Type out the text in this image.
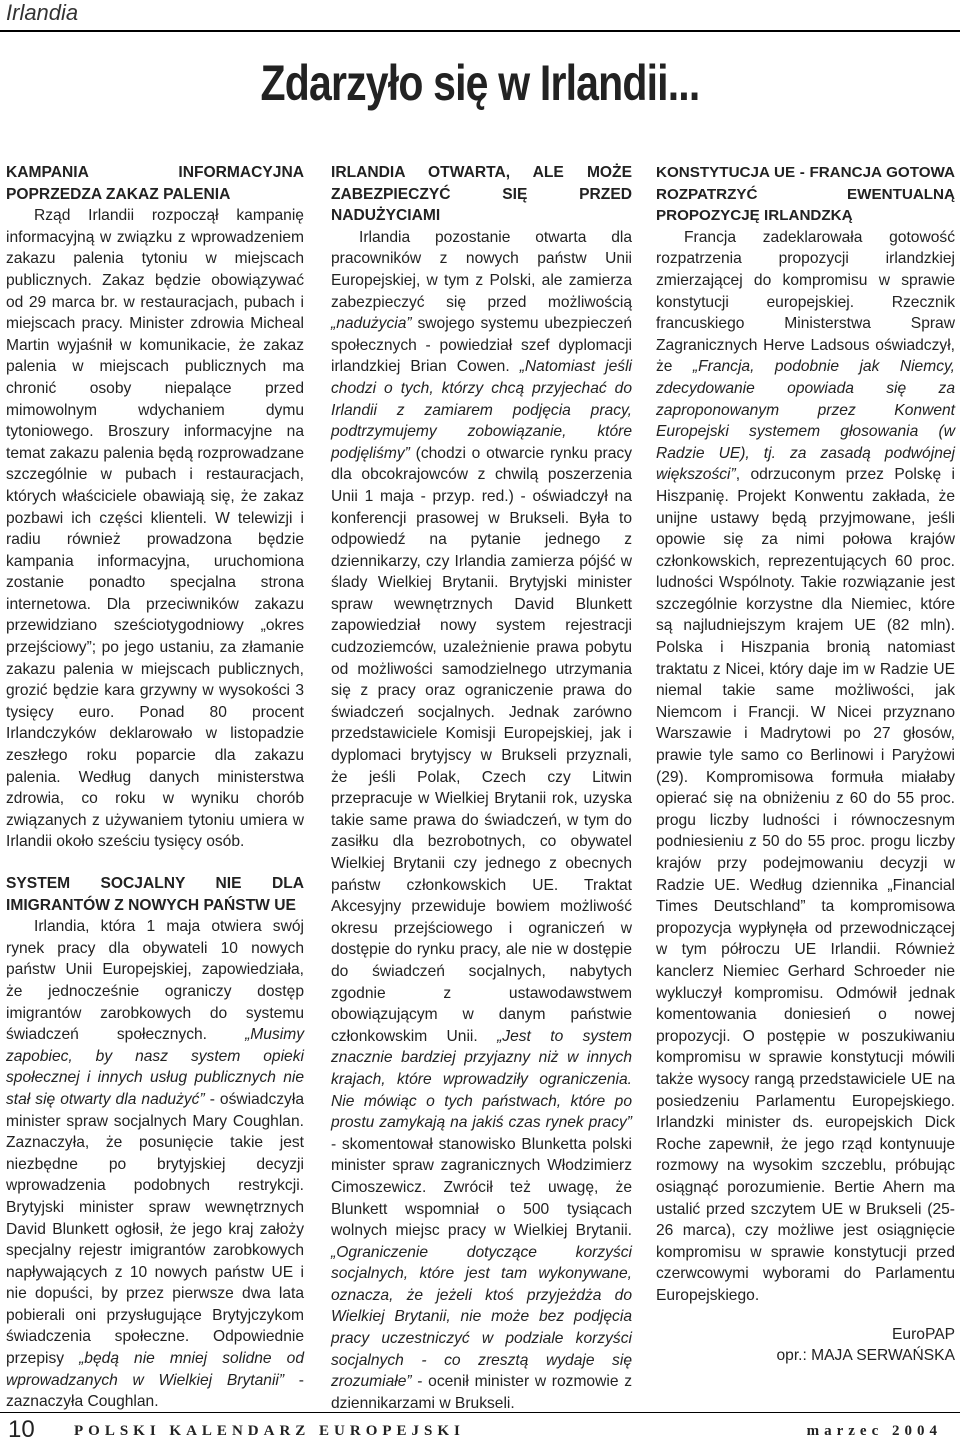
Irlandia
Zdarzyło się w Irlandii...
KAMPANIA INFORMACYJNA POPRZEDZA ZAKAZ PALENIA

Rząd Irlandii rozpoczął kampanię informacyjną w związku z wprowadzeniem zakazu palenia tytoniu w miejscach publicznych. Zakaz będzie obowiązywać od 29 marca br. w restauracjach, pubach i miejscach pracy. Minister zdrowia Micheal Martin wyjaśnił w komunikacie, że zakaz palenia w miejscach publicznych ma chronić osoby niepalące przed mimowolnym wdychaniem dymu tytoniowego. Broszury informacyjne na temat zakazu palenia będą rozprowadzane szczególnie w pubach i restauracjach, których właściciele obawiają się, że zakaz pozbawi ich części klienteli. W telewizji i radiu również prowadzona będzie kampania informacyjna, uruchomiona zostanie ponadto specjalna strona internetowa. Dla przeciwników zakazu przewidziano sześciotygodniowy „okres przejściowy”; po jego ustaniu, za złamanie zakazu palenia w miejscach publicznych, grozić będzie kara grzywny w wysokości 3 tysięcy euro. Ponad 80 procent Irlandczyków deklarowało w listopadzie zeszłego roku poparcie dla zakazu palenia. Według danych ministerstwa zdrowia, co roku w wyniku chorób związanych z używaniem tytoniu umiera w Irlandii około sześciu tysięcy osób.

SYSTEM SOCJALNY NIE DLA IMIGRANTÓW Z NOWYCH PAŃSTW UE

Irlandia, która 1 maja otwiera swój rynek pracy dla obywateli 10 nowych państw Unii Europejskiej, zapowiedziała, że jednocześnie ograniczy dostęp imigrantów zarobkowych do systemu świadczeń społecznych. „Musimy zapobiec, by nasz system opieki społecznej i innych usług publicznych nie stał się otwarty dla nadużyć” - oświadczyła minister spraw socjalnych Mary Coughlan. Zaznaczyła, że posunięcie takie jest niezbędne po brytyjskiej decyzji wprowadzenia podobnych restrykcji. Brytyjski minister spraw wewnętrznych David Blunkett ogłosił, że jego kraj założy specjalny rejestr imigrantów zarobkowych napływających z 10 nowych państw UE i nie dopuści, by przez pierwsze dwa lata pobierali oni przysługujące Brytyjczykom świadczenia społeczne. Odpowiednie przepisy „będą nie mniej solidne od wprowadzanych w Wielkiej Brytanii” - zaznaczyła Coughlan.

IRLANDIA OTWARTA, ALE MOŻE ZABEZPIECZYĆ SIĘ PRZED NADUŻYCIAMI

Irlandia pozostanie otwarta dla pracowników z nowych państw Unii Europejskiej, w tym z Polski, ale zamierza zabezpieczyć się przed możliwością „nadużycia” swojego systemu ubezpieczeń społecznych - powiedział szef dyplomacji irlandzkiej Brian Cowen. „Natomiast jeśli chodzi o tych, którzy chcą przyjechać do Irlandii z zamiarem podjęcia pracy, podtrzymujemy zobowiązanie, które podjęliśmy” (chodzi o otwarcie rynku pracy dla obcokrajowców z chwilą poszerzenia Unii 1 maja - przyp. red.) - oświadczył na konferencji prasowej w Brukseli. Była to odpowiedź na pytanie jednego z dziennikarzy, czy Irlandia zamierza pójść w ślady Wielkiej Brytanii. Brytyjski minister spraw wewnętrznych David Blunkett zapowiedział nowy system rejestracji cudzoziemców, uzależnienie prawa pobytu od możliwości samodzielnego utrzymania się z pracy oraz ograniczenie prawa do świadczeń socjalnych. Jednak zarówno przedstawiciele Komisji Europejskiej, jak i dyplomaci brytyjscy w Brukseli przyznali, że jeśli Polak, Czech czy Litwin przepracuje w Wielkiej Brytanii rok, uzyska takie same prawa do świadczeń, w tym do zasiłku dla bezrobotnych, co obywatel Wielkiej Brytanii czy jednego z obecnych państw członkowskich UE. Traktat Akcesyjny przewiduje bowiem możliwość okresu przejściowego i ograniczeń w dostępie do rynku pracy, ale nie w dostępie do świadczeń socjalnych, nabytych zgodnie z ustawodawstwem obowiązującym w danym państwie członkowskim Unii. „Jest to system znacznie bardziej przyjazny niż w innych krajach, które wprowadziły ograniczenia. Nie mówiąc o tych państwach, które po prostu zamykają na jakiś czas rynek pracy” - skomentował stanowisko Blunketta polski minister spraw zagranicznych Włodzimierz Cimoszewicz. Zwrócił też uwagę, że Blunkett wspomniał o 500 tysiącach wolnych miejsc pracy w Wielkiej Brytanii. „Ograniczenie dotyczące korzyści socjalnych, które jest tam wykonywane, oznacza, że jeżeli ktoś przyjeżdża do Wielkiej Brytanii, nie może bez podjęcia pracy uczestniczyć w podziale korzyści socjalnych - co zresztą wydaje się zrozumiałe” - ocenił minister w rozmowie z dziennikarzami w Brukseli.

KONSTYTUCJA UE - FRANCJA GOTOWA ROZPATRZYĆ EWENTUALNĄ PROPOZYCJĘ IRLANDZKĄ

Francja zadeklarowała gotowość rozpatrzenia propozycji irlandzkiej zmierzającej do kompromisu w sprawie konstytucji europejskiej. Rzecznik francuskiego Ministerstwa Spraw Zagranicznych Herve Ladsous oświadczył, że „Francja, podobnie jak Niemcy, zdecydowanie opowiada się za zaproponowanym przez Konwent Europejski systemem głosowania (w Radzie UE), tj. za zasadą podwójnej większości”, odrzuconym przez Polskę i Hiszpanię. Projekt Konwentu zakłada, że unijne ustawy będą przyjmowane, jeśli opowie się za nimi połowa krajów członkowskich, reprezentujących 60 proc. ludności Wspólnoty. Takie rozwiązanie jest szczególnie korzystne dla Niemiec, które są najludniejszym krajem UE (82 mln). Polska i Hiszpania bronią natomiast traktatu z Nicei, który daje im w Radzie UE niemal takie same możliwości, jak Niemcom i Francji. W Nicei przyznano Warszawie i Madrytowi po 27 głosów, prawie tyle samo co Berlinowi i Paryżowi (29). Kompromisowa formuła miałaby opierać się na obniżeniu z 60 do 55 proc. progu liczby ludności i równoczesnym podniesieniu z 50 do 55 proc. progu liczby krajów przy podejmowaniu decyzji w Radzie UE. Według dziennika „Financial Times Deutschland” ta kompromisowa propozycja wypłynęła od przewodniczącej w tym półroczu UE Irlandii. Również kanclerz Niemiec Gerhard Schroeder nie wykluczył kompromisu. Odmówił jednak komentowania doniesień o nowej propozycji. O postępie w poszukiwaniu kompromisu w sprawie konstytucji mówili także wysocy rangą przedstawiciele UE na posiedzeniu Parlamentu Europejskiego. Irlandzki minister ds. europejskich Dick Roche zapewnił, że jego rząd kontynuuje rozmowy na wysokim szczeblu, próbując osiągnąć porozumienie. Bertie Ahern ma ustalić przed szczytem UE w Brukseli (25-26 marca), czy możliwe jest osiągnięcie kompromisu w sprawie konstytucji przed czerwcowymi wyborami do Parlamentu Europejskiego.

EuroPAP
opr.: MAJA SERWAŃSKA
10	POLSKI KALENDARZ EUROPEJSKI	marzec 2004
